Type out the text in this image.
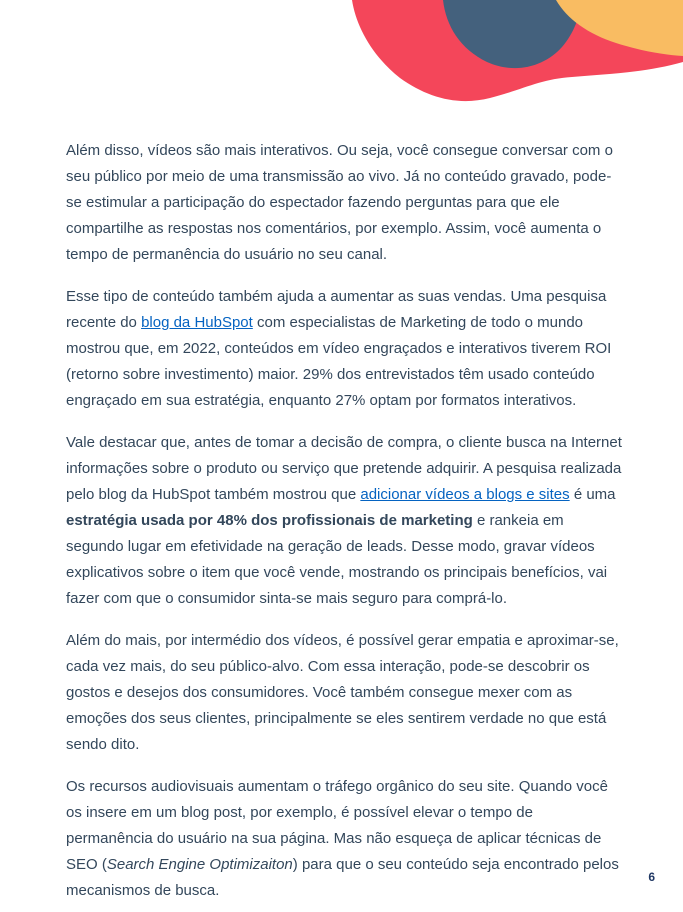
Além disso, vídeos são mais interativos. Ou seja, você consegue conversar com o seu público por meio de uma transmissão ao vivo. Já no conteúdo gravado, pode-se estimular a participação do espectador fazendo perguntas para que ele compartilhe as respostas nos comentários, por exemplo. Assim, você aumenta o tempo de permanência do usuário no seu canal.

Esse tipo de conteúdo também ajuda a aumentar as suas vendas. Uma pesquisa recente do blog da HubSpot com especialistas de Marketing de todo o mundo mostrou que, em 2022, conteúdos em vídeo engraçados e interativos tiverem ROI (retorno sobre investimento) maior. 29% dos entrevistados têm usado conteúdo engraçado em sua estratégia, enquanto 27% optam por formatos interativos.

Vale destacar que, antes de tomar a decisão de compra, o cliente busca na Internet informações sobre o produto ou serviço que pretende adquirir. A pesquisa realizada pelo blog da HubSpot também mostrou que adicionar vídeos a blogs e sites é uma estratégia usada por 48% dos profissionais de marketing e rankeia em segundo lugar em efetividade na geração de leads. Desse modo, gravar vídeos explicativos sobre o item que você vende, mostrando os principais benefícios, vai fazer com que o consumidor sinta-se mais seguro para comprá-lo.

Além do mais, por intermédio dos vídeos, é possível gerar empatia e aproximar-se, cada vez mais, do seu público-alvo. Com essa interação, pode-se descobrir os gostos e desejos dos consumidores. Você também consegue mexer com as emoções dos seus clientes, principalmente se eles sentirem verdade no que está sendo dito.

Os recursos audiovisuais aumentam o tráfego orgânico do seu site. Quando você os insere em um blog post, por exemplo, é possível elevar o tempo de permanência do usuário na sua página. Mas não esqueça de aplicar técnicas de SEO (Search Engine Optimizaiton) para que o seu conteúdo seja encontrado pelos mecanismos de busca.

6
